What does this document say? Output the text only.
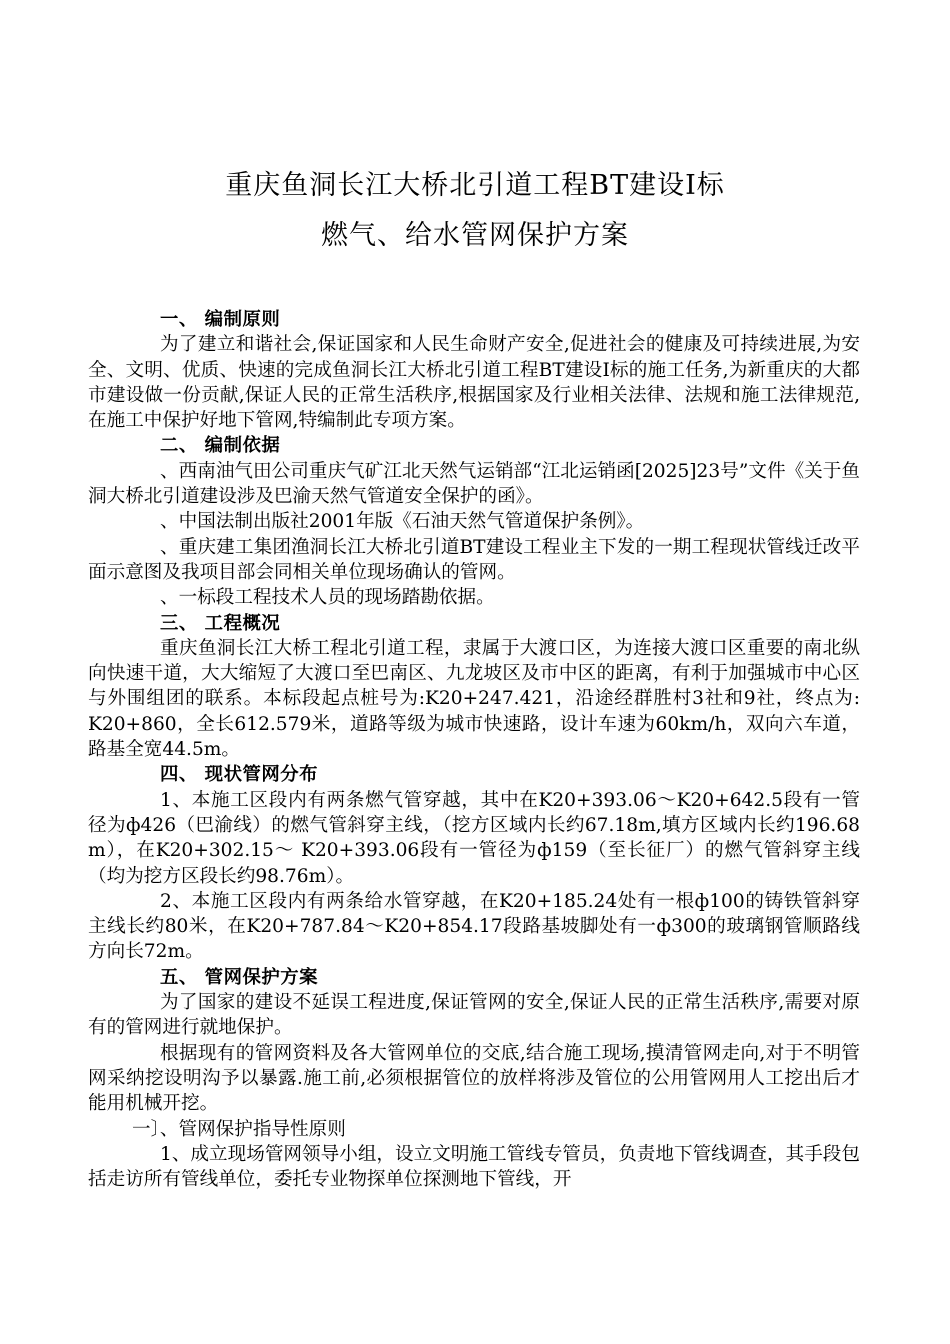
重庆鱼洞长江大桥北引道工程BT建设Ⅰ标
燃气、给水管网保护方案
一、 编制原则

为了建立和谐社会,保证国家和人民生命财产安全,促进社会的健康及可持续进展,为安全、文明、优质、快速的完成鱼洞长江大桥北引道工程BT建设Ⅰ标的施工任务,为新重庆的大都市建设做一份贡献,保证人民的正常生活秩序,根据国家及行业相关法律、法规和施工法律规范,在施工中保护好地下管网,特编制此专项方案。

二、 编制依据

、西南油气田公司重庆气矿江北天然气运销部“江北运销函[2025]23号”文件《关于鱼洞大桥北引道建设涉及巴渝天然气管道安全保护的函》。

、中国法制出版社2001年版《石油天然气管道保护条例》。

、重庆建工集团渔洞长江大桥北引道BT建设工程业主下发的一期工程现状管线迁改平面示意图及我项目部会同相关单位现场确认的管网。

、一标段工程技术人员的现场踏勘依据。

三、 工程概况

重庆鱼洞长江大桥工程北引道工程，隶属于大渡口区，为连接大渡口区重要的南北纵向快速干道，大大缩短了大渡口至巴南区、九龙坡区及市中区的距离，有利于加强城市中心区与外围组团的联系。本标段起点桩号为:K20+247.421，沿途经群胜村3社和9社，终点为: K20+860，全长612.579米，道路等级为城市快速路，设计车速为60km/h，双向六车道，路基全宽44.5m。

四、 现状管网分布

1、本施工区段内有两条燃气管穿越，其中在K20+393.06～K20+642.5段有一管径为ф426（巴渝线）的燃气管斜穿主线，（挖方区域内长约67.18m,填方区域内长约196.68 m），在K20+302.15～ K20+393.06段有一管径为ф159（至长征厂）的燃气管斜穿主线（均为挖方区段长约98.76m）。

2、本施工区段内有两条给水管穿越，在K20+185.24处有一根ф100的铸铁管斜穿主线长约80米，在K20+787.84～K20+854.17段路基坡脚处有一ф300的玻璃钢管顺路线方向长72m。

五、 管网保护方案

为了国家的建设不延误工程进度,保证管网的安全,保证人民的正常生活秩序,需要对原有的管网进行就地保护。

根据现有的管网资料及各大管网单位的交底,结合施工现场,摸清管网走向,对于不明管网采纳挖设明沟予以暴露.施工前,必须根据管位的放样将涉及管位的公用管网用人工挖出后才能用机械开挖。

一〕、管网保护指导性原则

1、成立现场管网领导小组，设立文明施工管线专管员，负责地下管线调查，其手段包括走访所有管线单位，委托专业物探单位探测地下管线，开
